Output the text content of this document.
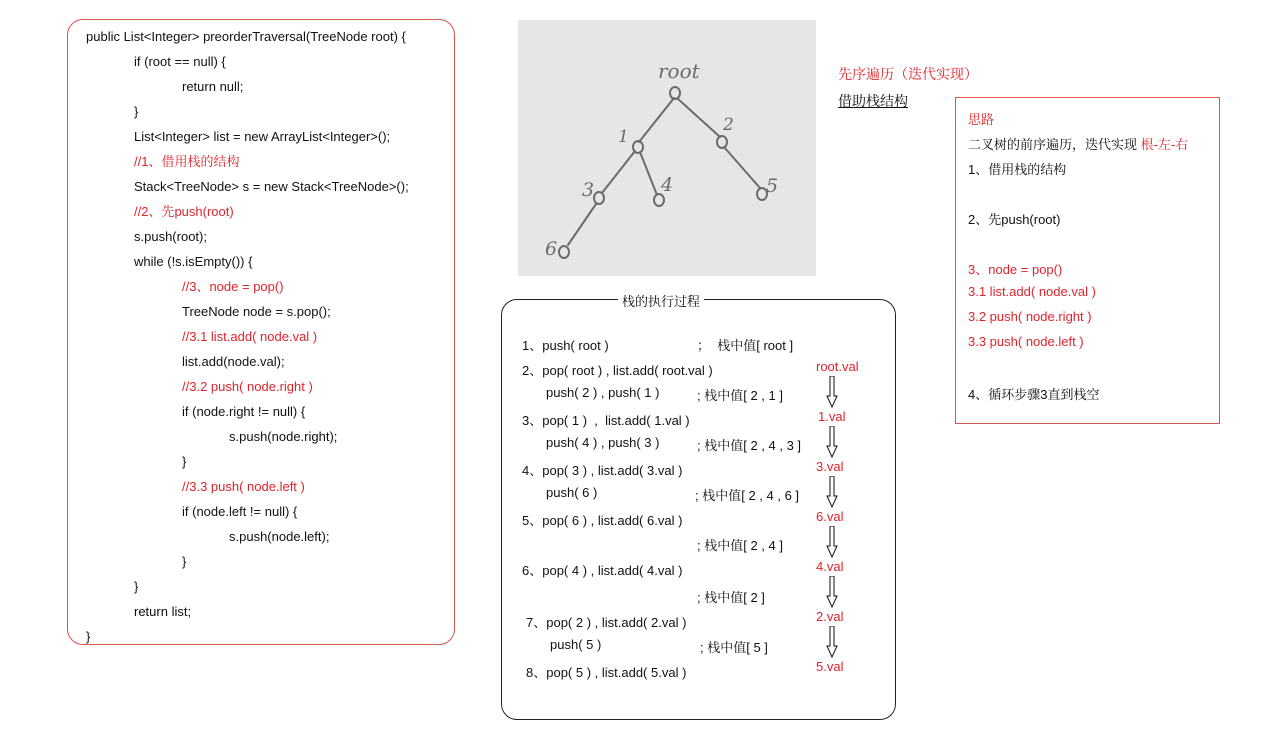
public List<Integer> preorderTraversal(TreeNode root) {
if (root == null) {
return null;
}
List<Integer> list = new ArrayList<Integer>();
//1、借用栈的结构
Stack<TreeNode> s = new Stack<TreeNode>();
//2、先push(root)
s.push(root);
while (!s.isEmpty()) {
//3、node = pop()
TreeNode node = s.pop();
//3.1 list.add( node.val )
list.add(node.val);
//3.2 push( node.right )
if (node.right != null) {
s.push(node.right);
}
//3.3 push( node.left )
if (node.left != null) {
s.push(node.left);
}
}
return list;
}
root
1
2
3	4	5
6
先序遍历（迭代实现）
借助栈结构
思路
二叉树的前序遍历，迭代实现 根-左-右
1、借用栈的结构
2、先push(root)
3、node = pop()
3.1 list.add( node.val )
3.2 push( node.right )
3.3 push( node.left )
4、循环步骤3直到栈空
栈的执行过程
1、push( root )	；  栈中值[ root ]
2、pop( root ) , list.add( root.val )
push( 2 ) , push( 1 )	; 栈中值[ 2 , 1 ]
3、pop( 1 )  ,  list.add( 1.val )
push( 4 ) , push( 3 )	; 栈中值[ 2 , 4 , 3 ]
4、pop( 3 ) , list.add( 3.val )
push( 6 )	; 栈中值[ 2 , 4 , 6 ]
5、pop( 6 ) , list.add( 6.val )
; 栈中值[ 2 , 4 ]
6、pop( 4 ) , list.add( 4.val )
; 栈中值[ 2 ]
7、pop( 2 ) , list.add( 2.val )
push( 5 )	; 栈中值[ 5 ]
8、pop( 5 ) , list.add( 5.val )
root.val
1.val
3.val
6.val
4.val
2.val
5.val
